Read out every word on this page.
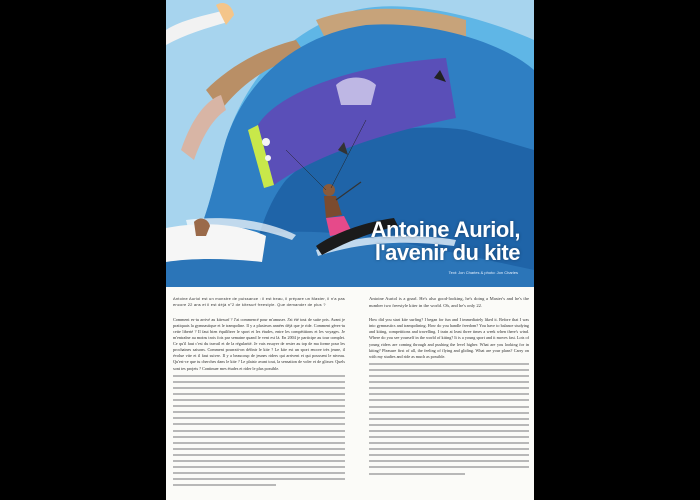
Antoine Auriol,
l'avenir du kite
Text: Jon Charles & photo: Jon Charles

Antoine Auriol est un monstre de puissance : il est beau, il prépare un Master, il n'a pas encore 22 ans et il est déjà n°2 de kitesurf freestyle. Que demander de plus ?

Comment es-tu arrivé au kitesurf ? J'ai commencé pour m'amuser. J'ai été tout de suite pris. Avant je pratiquais la gymnastique et le trampoline. Il y a plusieurs années déjà que je ride. Comment gères-tu cette liberté ? Il faut bien équilibrer le sport et les études, entre les compétitions et les voyages. Je m'entraîne au moins trois fois par semaine quand le vent est là. En 2004 je participe au tour complet. Ce qu'il faut c'est du travail et de la régularité. Je vais essayer de rester au top de ma forme pour les prochaines saisons. Comment pourrait-on définir le kite ? Le kite est un sport encore très jeune, il évolue vite et il faut suivre. Il y a beaucoup de jeunes riders qui arrivent et qui poussent le niveau. Qu'est-ce que tu cherches dans le kite ? Le plaisir avant tout, la sensation de voler et de glisser. Quels sont tes projets ? Continuer mes études et rider le plus possible.

Antoine Auriol is a gnarl. He's also good-looking, he's doing a Master's and he's the number two freestyle kiter in the world. Oh, and he's only 22.

How did you start kite surfing? I began for fun and I immediately liked it. Before that I was into gymnastics and trampolining. How do you handle freedom? You have to balance studying and kiting, competitions and travelling. I train at least three times a week when there's wind. Where do you see yourself in the world of kiting? It is a young sport and it moves fast. Lots of young riders are coming through and pushing the level higher. What are you looking for in kiting? Pleasure first of all, the feeling of flying and gliding. What are your plans? Carry on with my studies and ride as much as possible.
